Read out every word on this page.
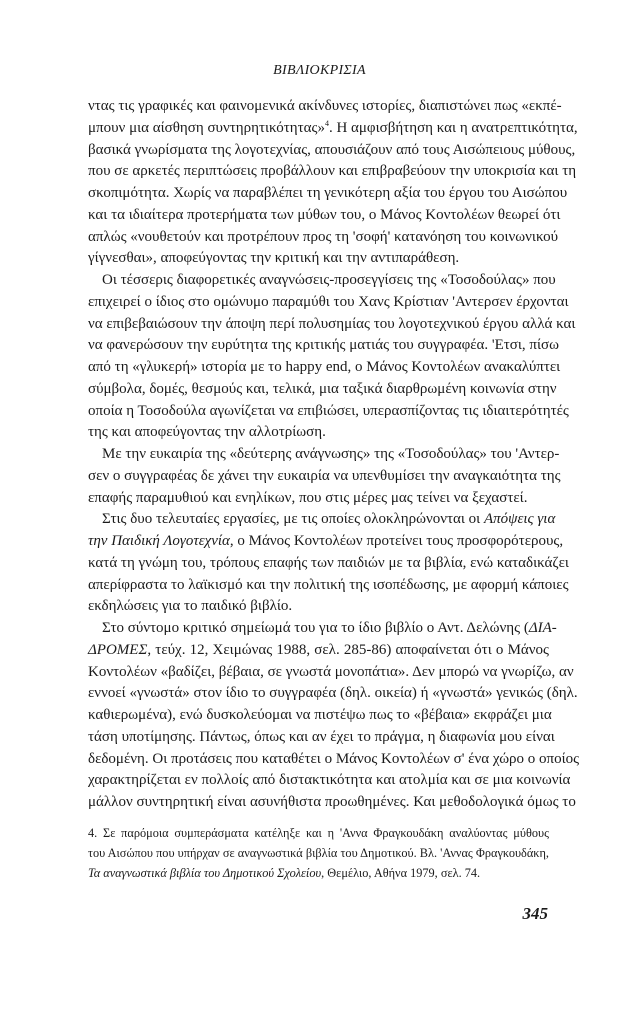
ΒΙΒΛΙΟΚΡΙΣΙΑ
ντας τις γραφικές και φαινομενικά ακίνδυνες ιστορίες, διαπιστώνει πως «εκπέ-
μπουν μια αίσθηση συντηρητικότητας»$^4$. Η αμφισβήτηση και η ανατρεπτικότητα,
βασικά γνωρίσματα της λογοτεχνίας, απουσιάζουν από τους Αισώπειους μύθους,
που σε αρκετές περιπτώσεις προβάλλουν και επιβραβεύουν την υποκρισία και τη
σκοπιμότητα. Χωρίς να παραβλέπει τη γενικότερη αξία του έργου του Αισώπου
και τα ιδιαίτερα προτερήματα των μύθων του, ο Μάνος Κοντολέων θεωρεί ότι
απλώς «νουθετούν και προτρέπουν προς τη 'σοφή' κατανόηση του κοινωνικού
γίγνεσθαι», αποφεύγοντας την κριτική και την αντιπαράθεση.
Οι τέσσερις διαφορετικές αναγνώσεις-προσεγγίσεις της «Τοσοδούλας» που
επιχειρεί ο ίδιος στο ομώνυμο παραμύθι του Χανς Κρίστιαν 'Αντερσεν έρχονται
να επιβεβαιώσουν την άποψη περί πολυσημίας του λογοτεχνικού έργου αλλά και
να φανερώσουν την ευρύτητα της κριτικής ματιάς του συγγραφέα. 'Ετσι, πίσω
από τη «γλυκερή» ιστορία με το happy end, ο Μάνος Κοντολέων ανακαλύπτει
σύμβολα, δομές, θεσμούς και, τελικά, μια ταξικά διαρθρωμένη κοινωνία στην
οποία η Τοσοδούλα αγωνίζεται να επιβιώσει, υπερασπίζοντας τις ιδιαιτερότητές
της και αποφεύγοντας την αλλοτρίωση.
Με την ευκαιρία της «δεύτερης ανάγνωσης» της «Τοσοδούλας» του 'Αντερ-
σεν ο συγγραφέας δε χάνει την ευκαιρία να υπενθυμίσει την αναγκαιότητα της
επαφής παραμυθιού και ενηλίκων, που στις μέρες μας τείνει να ξεχαστεί.
Στις δυο τελευταίες εργασίες, με τις οποίες ολοκληρώνονται οι Απόψεις για
την Παιδική Λογοτεχνία, ο Μάνος Κοντολέων προτείνει τους προσφορότερους,
κατά τη γνώμη του, τρόπους επαφής των παιδιών με τα βιβλία, ενώ καταδικάζει
απερίφραστα το λαϊκισμό και την πολιτική της ισοπέδωσης, με αφορμή κάποιες
εκδηλώσεις για το παιδικό βιβλίο.
Στο σύντομο κριτικό σημείωμά του για το ίδιο βιβλίο ο Αντ. Δελώνης (ΔΙΑ-
ΔΡΟΜΕΣ, τεύχ. 12, Χειμώνας 1988, σελ. 285-86) αποφαίνεται ότι ο Μάνος
Κοντολέων «βαδίζει, βέβαια, σε γνωστά μονοπάτια». Δεν μπορώ να γνωρίζω, αν
εννοεί «γνωστά» στον ίδιο το συγγραφέα (δηλ. οικεία) ή «γνωστά» γενικώς (δηλ.
καθιερωμένα), ενώ δυσκολεύομαι να πιστέψω πως το «βέβαια» εκφράζει μια
τάση υποτίμησης. Πάντως, όπως και αν έχει το πράγμα, η διαφωνία μου είναι
δεδομένη. Οι προτάσεις που καταθέτει ο Μάνος Κοντολέων σ' ένα χώρο ο οποίος
χαρακτηρίζεται εν πολλοίς από διστακτικότητα και ατολμία και σε μια κοινωνία
μάλλον συντηρητική είναι ασυνήθιστα προωθημένες. Και μεθοδολογικά όμως το
4. Σε παρόμοια συμπεράσματα κατέληξε και η 'Αννα Φραγκουδάκη αναλύοντας μύθους
του Αισώπου που υπήρχαν σε αναγνωστικά βιβλία του Δημοτικού. Βλ. 'Αννας Φραγκουδάκη,
Τα αναγνωστικά βιβλία του Δημοτικού Σχολείου, Θεμέλιο, Αθήνα 1979, σελ. 74.
345
